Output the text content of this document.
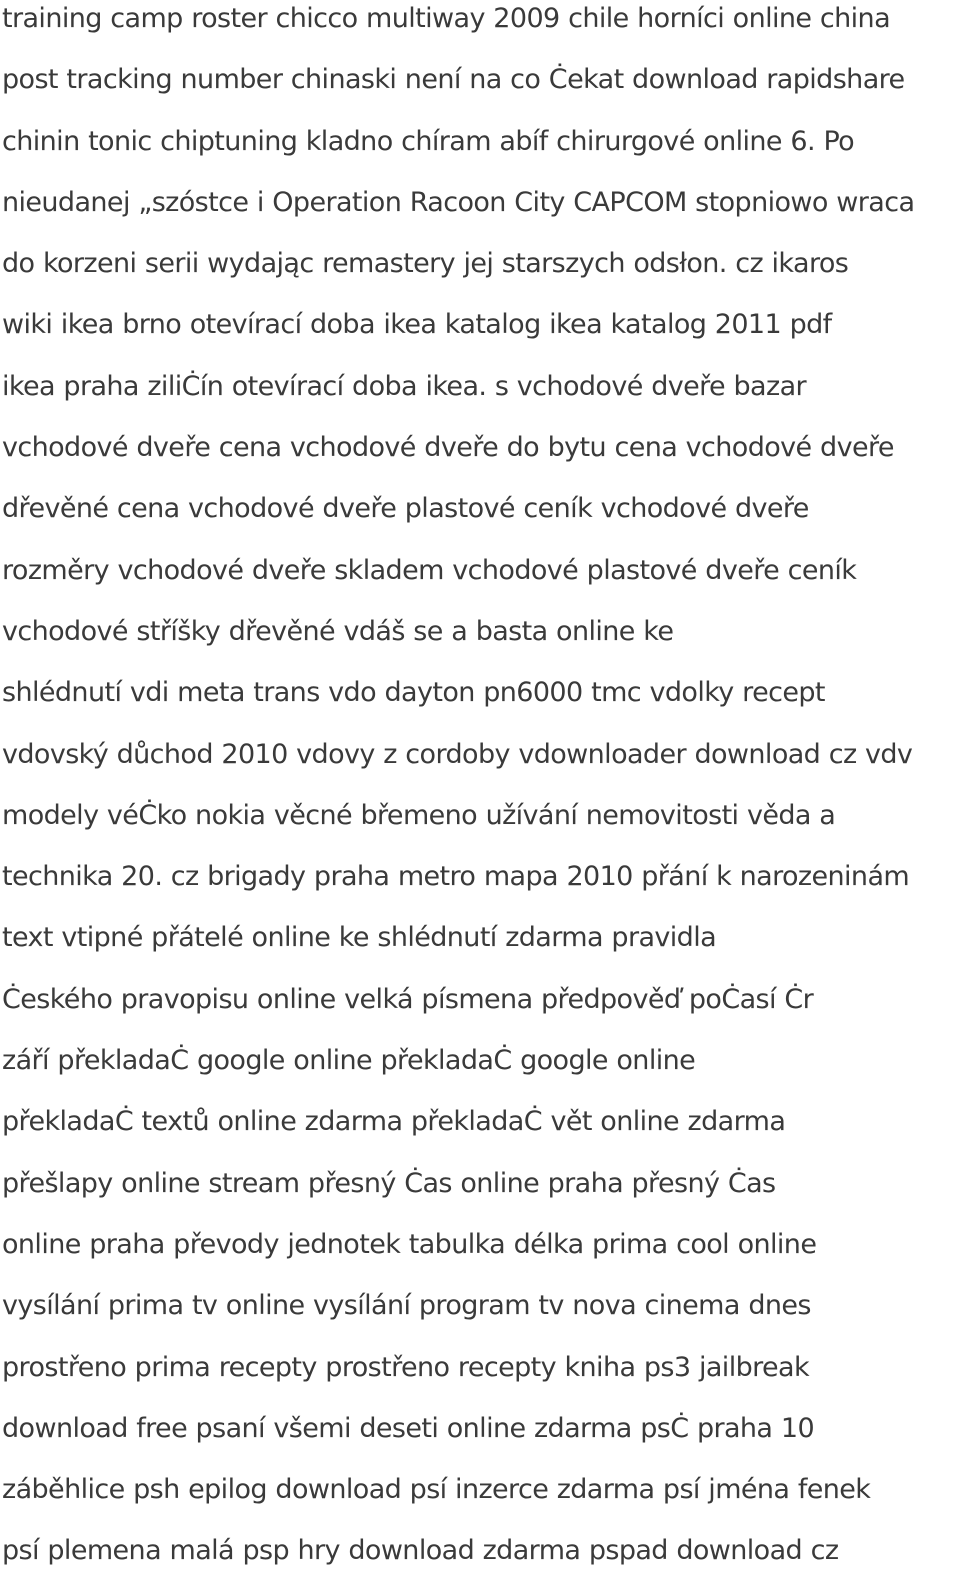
training camp roster chicco multiway 2009 chile horníci online china
post tracking number chinaski není na co Ċekat download rapidshare
chinin tonic chiptuning kladno chíram abíf chirurgové online 6. Po
nieudanej „szóstce i Operation Racoon City CAPCOM stopniowo wraca
do korzeni serii wydając remastery jej starszych odsłon. cz ikaros
wiki ikea brno otevírací doba ikea katalog ikea katalog 2011 pdf
ikea praha ziliĊín otevírací doba ikea. s vchodové dveře bazar
vchodové dveře cena vchodové dveře do bytu cena vchodové dveře
dřevěné cena vchodové dveře plastové ceník vchodové dveře
rozměry vchodové dveře skladem vchodové plastové dveře ceník
vchodové stříšky dřevěné vdáš se a basta online ke
shlédnutí vdi meta trans vdo dayton pn6000 tmc vdolky recept
vdovský důchod 2010 vdovy z cordoby vdownloader download cz vdv
modely véĊko nokia věcné břemeno užívání nemovitosti věda a
technika 20. cz brigady praha metro mapa 2010 přání k narozeninám
text vtipné přátelé online ke shlédnutí zdarma pravidla
Ċeského pravopisu online velká písmena předpověď poĊasí Ċr
září překladaĊ google online překladaĊ google online
překladaĊ textů online zdarma překladaĊ vět online zdarma
přešlapy online stream přesný Ċas online praha přesný Ċas
online praha převody jednotek tabulka délka prima cool online
vysílání prima tv online vysílání program tv nova cinema dnes
prostřeno prima recepty prostřeno recepty kniha ps3 jailbreak
download free psaní všemi deseti online zdarma psĊ praha 10
záběhlice psh epilog download psí inzerce zdarma psí jména fenek
psí plemena malá psp hry download zdarma pspad download cz
